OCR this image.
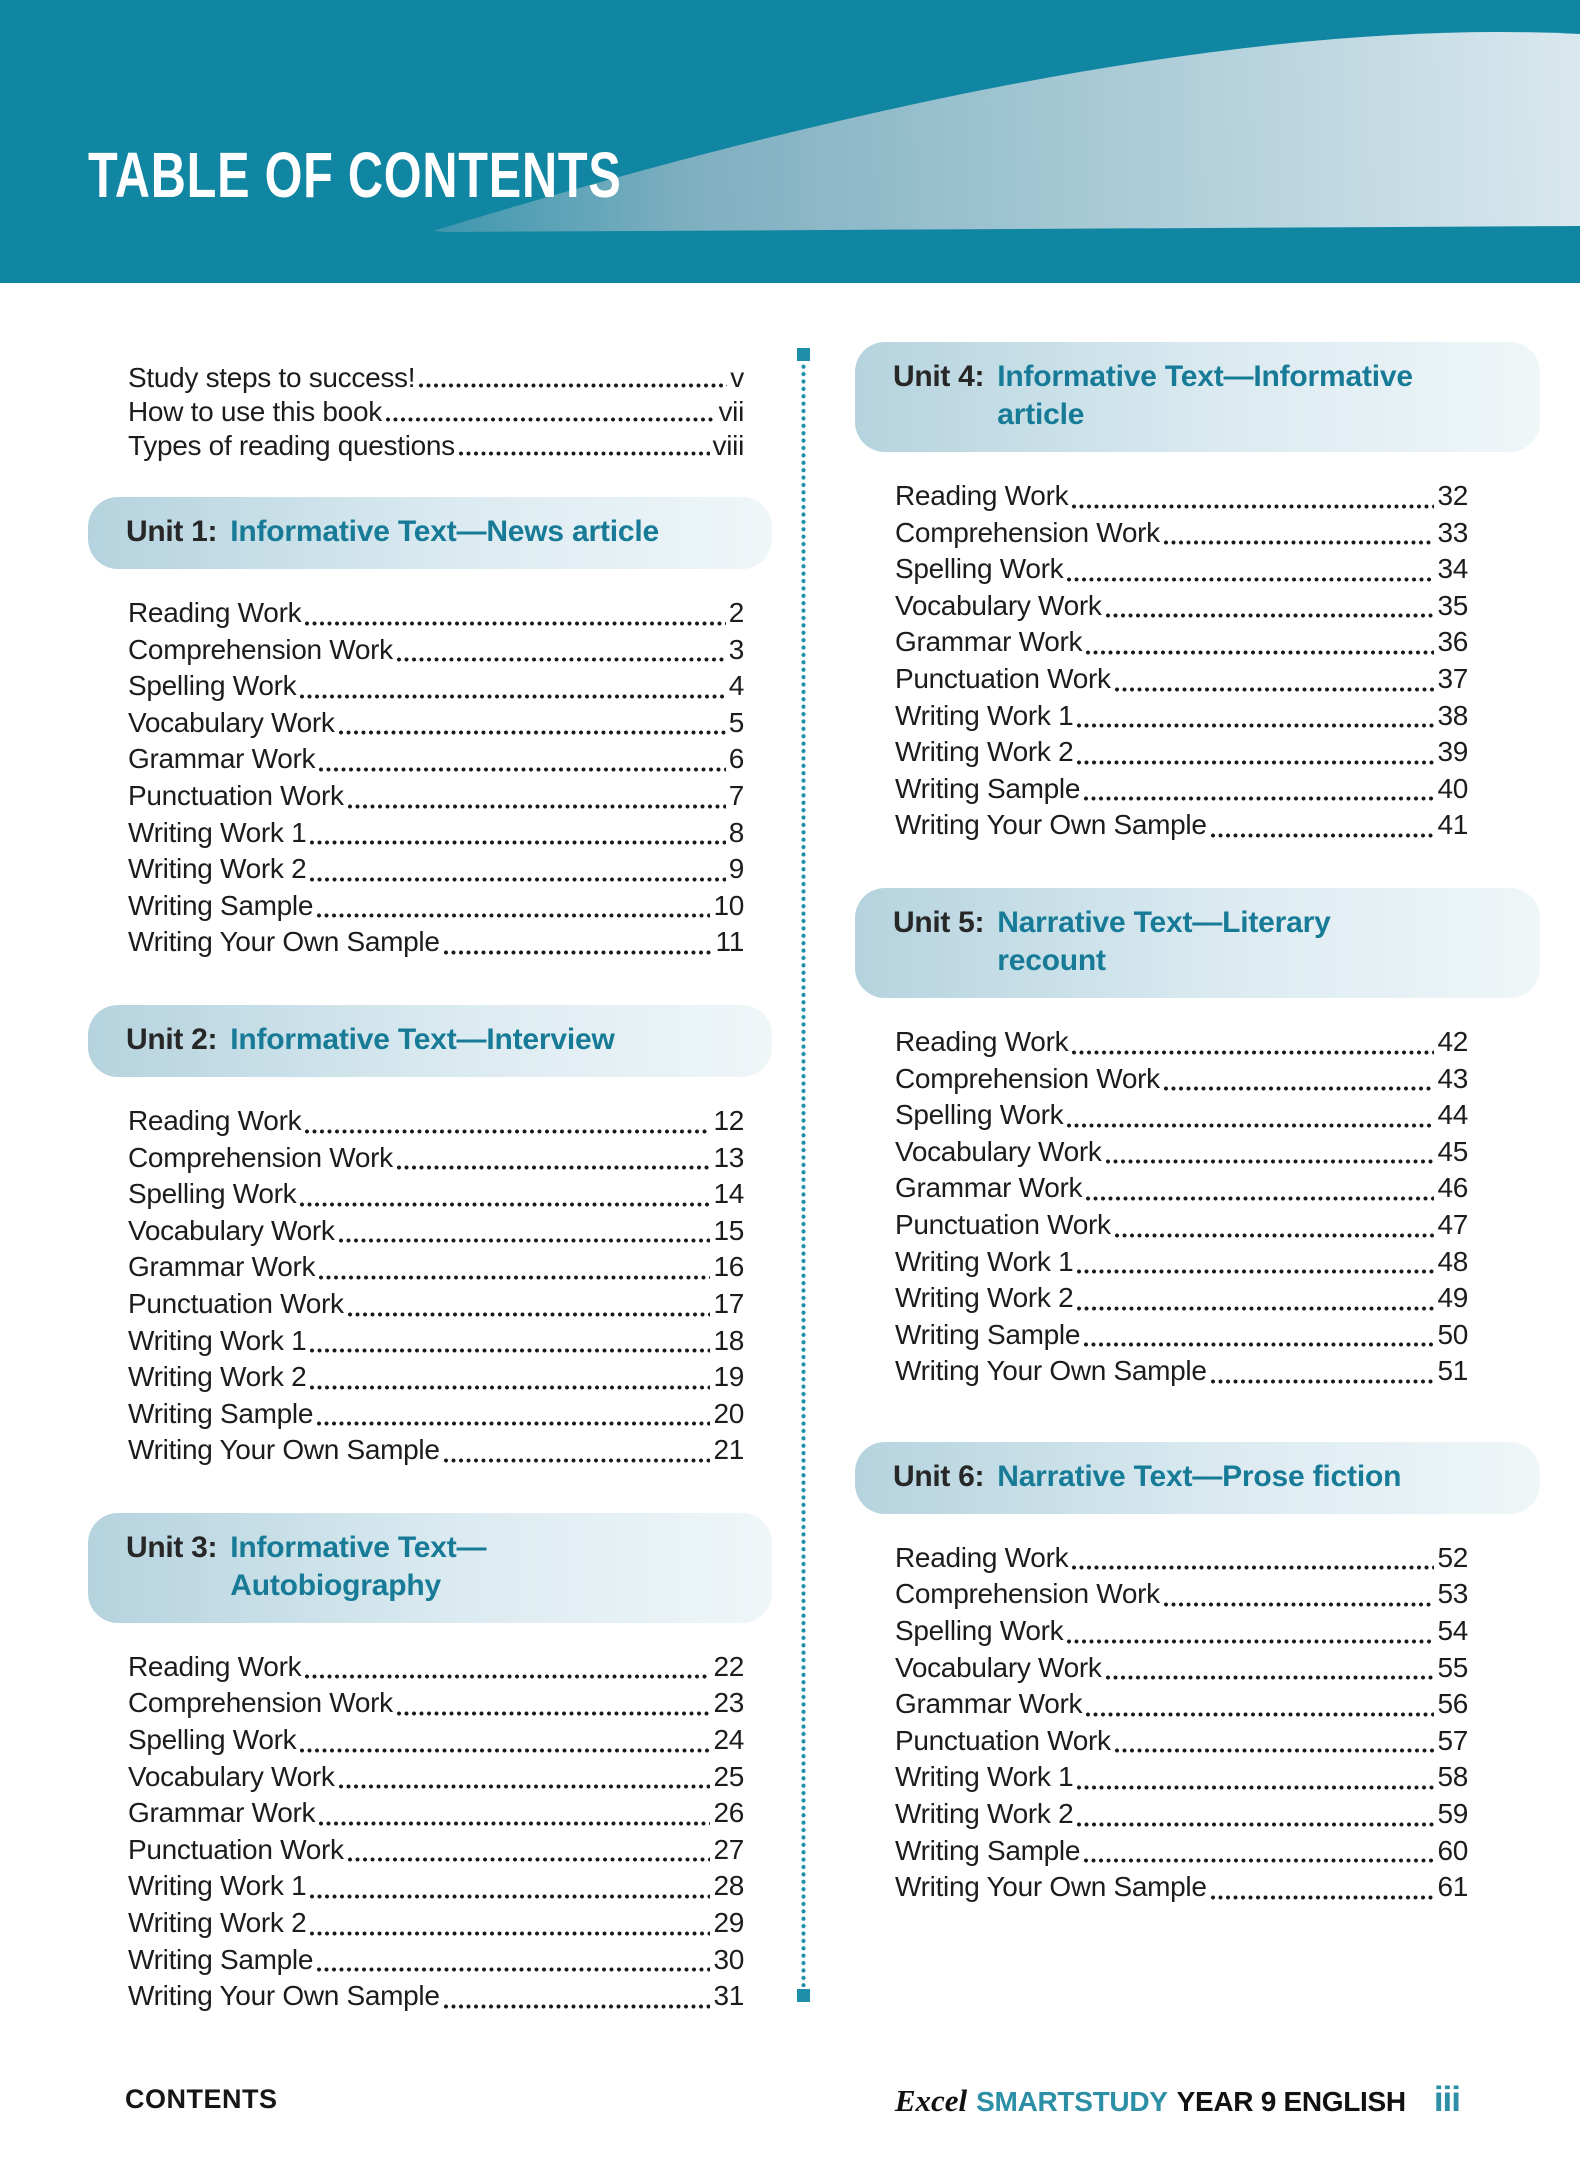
TABLE OF CONTENTS
Study steps to success!	v
How to use this book	vii
Types of reading questions	viii
Unit 1: Informative Text—News article
Reading Work	2
Comprehension Work	3
Spelling Work	4
Vocabulary Work	5
Grammar Work	6
Punctuation Work	7
Writing Work 1	8
Writing Work 2	9
Writing Sample	10
Writing Your Own Sample	11
Unit 2: Informative Text—Interview
Reading Work	12
Comprehension Work	13
Spelling Work	14
Vocabulary Work	15
Grammar Work	16
Punctuation Work	17
Writing Work 1	18
Writing Work 2	19
Writing Sample	20
Writing Your Own Sample	21
Unit 3: Informative Text—
Autobiography
Reading Work	22
Comprehension Work	23
Spelling Work	24
Vocabulary Work	25
Grammar Work	26
Punctuation Work	27
Writing Work 1	28
Writing Work 2	29
Writing Sample	30
Writing Your Own Sample	31
Unit 4: Informative Text—Informative
article
Reading Work	32
Comprehension Work	33
Spelling Work	34
Vocabulary Work	35
Grammar Work	36
Punctuation Work	37
Writing Work 1	38
Writing Work 2	39
Writing Sample	40
Writing Your Own Sample	41
Unit 5: Narrative Text—Literary
recount
Reading Work	42
Comprehension Work	43
Spelling Work	44
Vocabulary Work	45
Grammar Work	46
Punctuation Work	47
Writing Work 1	48
Writing Work 2	49
Writing Sample	50
Writing Your Own Sample	51
Unit 6: Narrative Text—Prose fiction
Reading Work	52
Comprehension Work	53
Spelling Work	54
Vocabulary Work	55
Grammar Work	56
Punctuation Work	57
Writing Work 1	58
Writing Work 2	59
Writing Sample	60
Writing Your Own Sample	61
CONTENTS	Excel SMARTSTUDY YEAR 9 ENGLISH iii
